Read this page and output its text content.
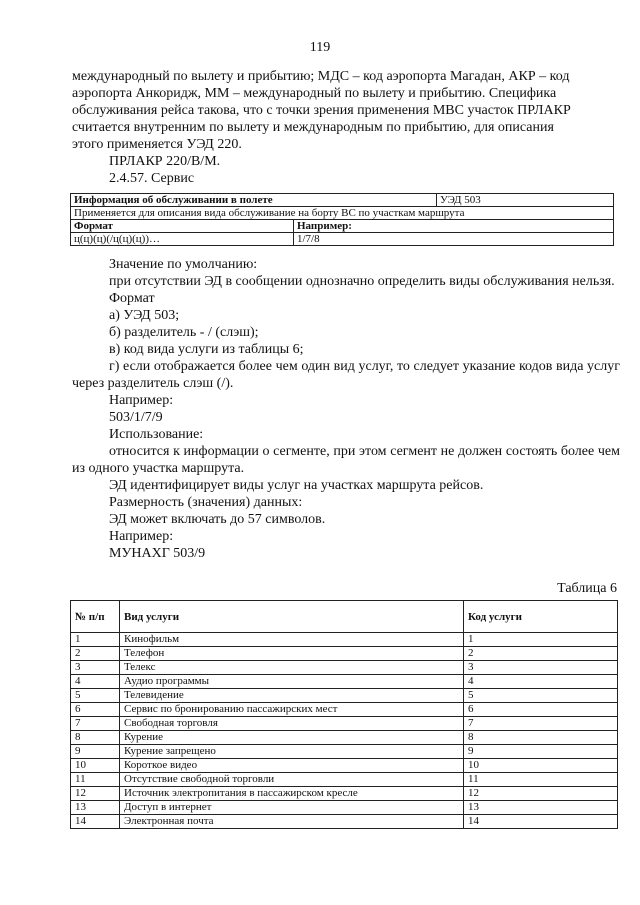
119
международный по вылету и прибытию; МДС – код аэропорта Магадан, АКР – код
аэропорта Анкоридж, ММ – международный по вылету и прибытию. Специфика
обслуживания рейса такова, что с точки зрения применения МВС участок ПРЛАКР
считается внутренним по вылету и международным по прибытию, для описания
этого применяется УЭД 220.
ПРЛАКР 220/В/М.
2.4.57. Сервис
Информация об обслуживании в полете		УЭД 503
Применяется для описания вида обслуживание на борту ВС по участкам маршрута		
Формат	Например:	
ц(ц)(ц)(/ц(ц)(ц))…	1/7/8	
Значение по умолчанию:
при отсутствии ЭД в сообщении однозначно определить виды обслуживания нельзя.
Формат
а) УЭД 503;
б) разделитель - / (слэш);
в) код вида услуги из таблицы 6;
г) если отображается более чем один вид услуг, то следует указание кодов вида услуг через разделитель слэш (/).
Например:
503/1/7/9
Использование:
относится к информации о сегменте, при этом сегмент не должен состоять более чем из одного участка маршрута.
ЭД идентифицирует виды услуг на участках маршрута рейсов.
Размерность (значения) данных:
ЭД может включать до 57 символов.
Например:
МУНАХГ 503/9
Таблица 6
№ п/п	Вид услуги	Код услуги
1	Кинофильм	1
2	Телефон	2
3	Телекс	3
4	Аудио программы	4
5	Телевидение	5
6	Сервис по бронированию пассажирских мест	6
7	Свободная торговля	7
8	Курение	8
9	Курение запрещено	9
10	Короткое видео	10
11	Отсутствие свободной торговли	11
12	Источник электропитания в пассажирском кресле	12
13	Доступ в интернет	13
14	Электронная почта	14
